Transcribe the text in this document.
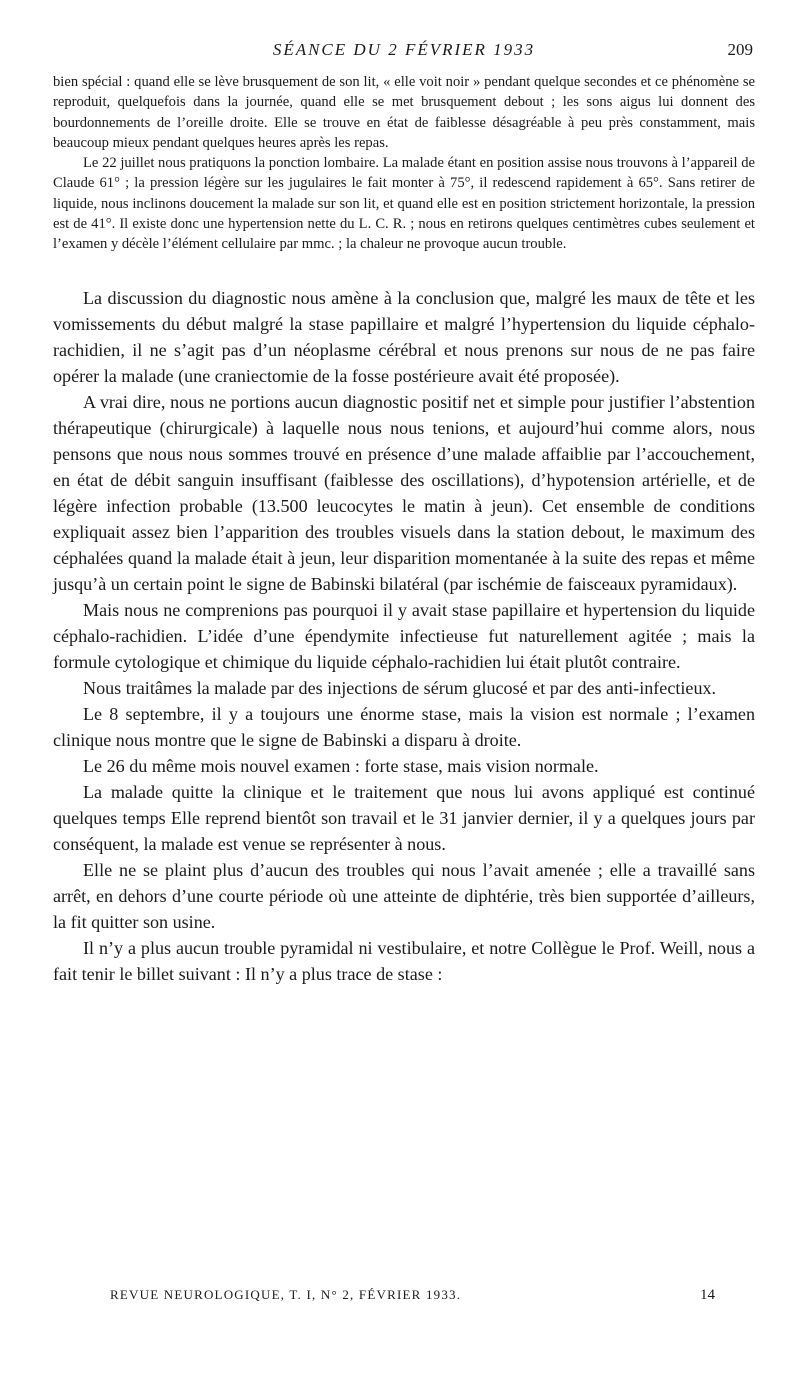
SÉANCE DU 2 FÉVRIER 1933	209

bien spécial : quand elle se lève brusquement de son lit, « elle voit noir » pendant quelque secondes et ce phénomène se reproduit, quelquefois dans la journée, quand elle se met brusquement debout ; les sons aigus lui donnent des bourdonnements de l’oreille droite. Elle se trouve en état de faiblesse désagréable à peu près constamment, mais beaucoup mieux pendant quelques heures après les repas.

Le 22 juillet nous pratiquons la ponction lombaire. La malade étant en position assise nous trouvons à l’appareil de Claude 61° ; la pression légère sur les jugulaires le fait monter à 75°, il redescend rapidement à 65°. Sans retirer de liquide, nous inclinons doucement la malade sur son lit, et quand elle est en position strictement horizontale, la pression est de 41°. Il existe donc une hypertension nette du L. C. R. ; nous en retirons quelques centimètres cubes seulement et l’examen y décèle l’élément cellulaire par mmc. ; la chaleur ne provoque aucun trouble.

La discussion du diagnostic nous amène à la conclusion que, malgré les maux de tête et les vomissements du début malgré la stase papillaire et malgré l’hypertension du liquide céphalo-rachidien, il ne s’agit pas d’un néoplasme cérébral et nous prenons sur nous de ne pas faire opérer la malade (une craniectomie de la fosse postérieure avait été proposée).

A vrai dire, nous ne portions aucun diagnostic positif net et simple pour justifier l’abstention thérapeutique (chirurgicale) à laquelle nous nous tenions, et aujourd’hui comme alors, nous pensons que nous nous sommes trouvé en présence d’une malade affaiblie par l’accouchement, en état de débit sanguin insuffisant (faiblesse des oscillations), d’hypotension artérielle, et de légère infection probable (13.500 leucocytes le matin à jeun). Cet ensemble de conditions expliquait assez bien l’apparition des troubles visuels dans la station debout, le maximum des céphalées quand la malade était à jeun, leur disparition momentanée à la suite des repas et même jusqu’à un certain point le signe de Babinski bilatéral (par ischémie de faisceaux pyramidaux).

Mais nous ne comprenions pas pourquoi il y avait stase papillaire et hypertension du liquide céphalo-rachidien. L’idée d’une épendymite infectieuse fut naturellement agitée ; mais la formule cytologique et chimique du liquide céphalo-rachidien lui était plutôt contraire.

Nous traitâmes la malade par des injections de sérum glucosé et par des anti-infectieux.

Le 8 septembre, il y a toujours une énorme stase, mais la vision est normale ; l’examen clinique nous montre que le signe de Babinski a disparu à droite.

Le 26 du même mois nouvel examen : forte stase, mais vision normale.

La malade quitte la clinique et le traitement que nous lui avons appliqué est continué quelques temps Elle reprend bientôt son travail et le 31 janvier dernier, il y a quelques jours par conséquent, la malade est venue se représenter à nous.

Elle ne se plaint plus d’aucun des troubles qui nous l’avait amenée ; elle a travaillé sans arrêt, en dehors d’une courte période où une atteinte de diphtérie, très bien supportée d’ailleurs, la fit quitter son usine.

Il n’y a plus aucun trouble pyramidal ni vestibulaire, et notre Collègue le Prof. Weill, nous a fait tenir le billet suivant : Il n’y a plus trace de stase :

REVUE NEUROLOGIQUE, T. I, N° 2, FÉVRIER 1933.	14
